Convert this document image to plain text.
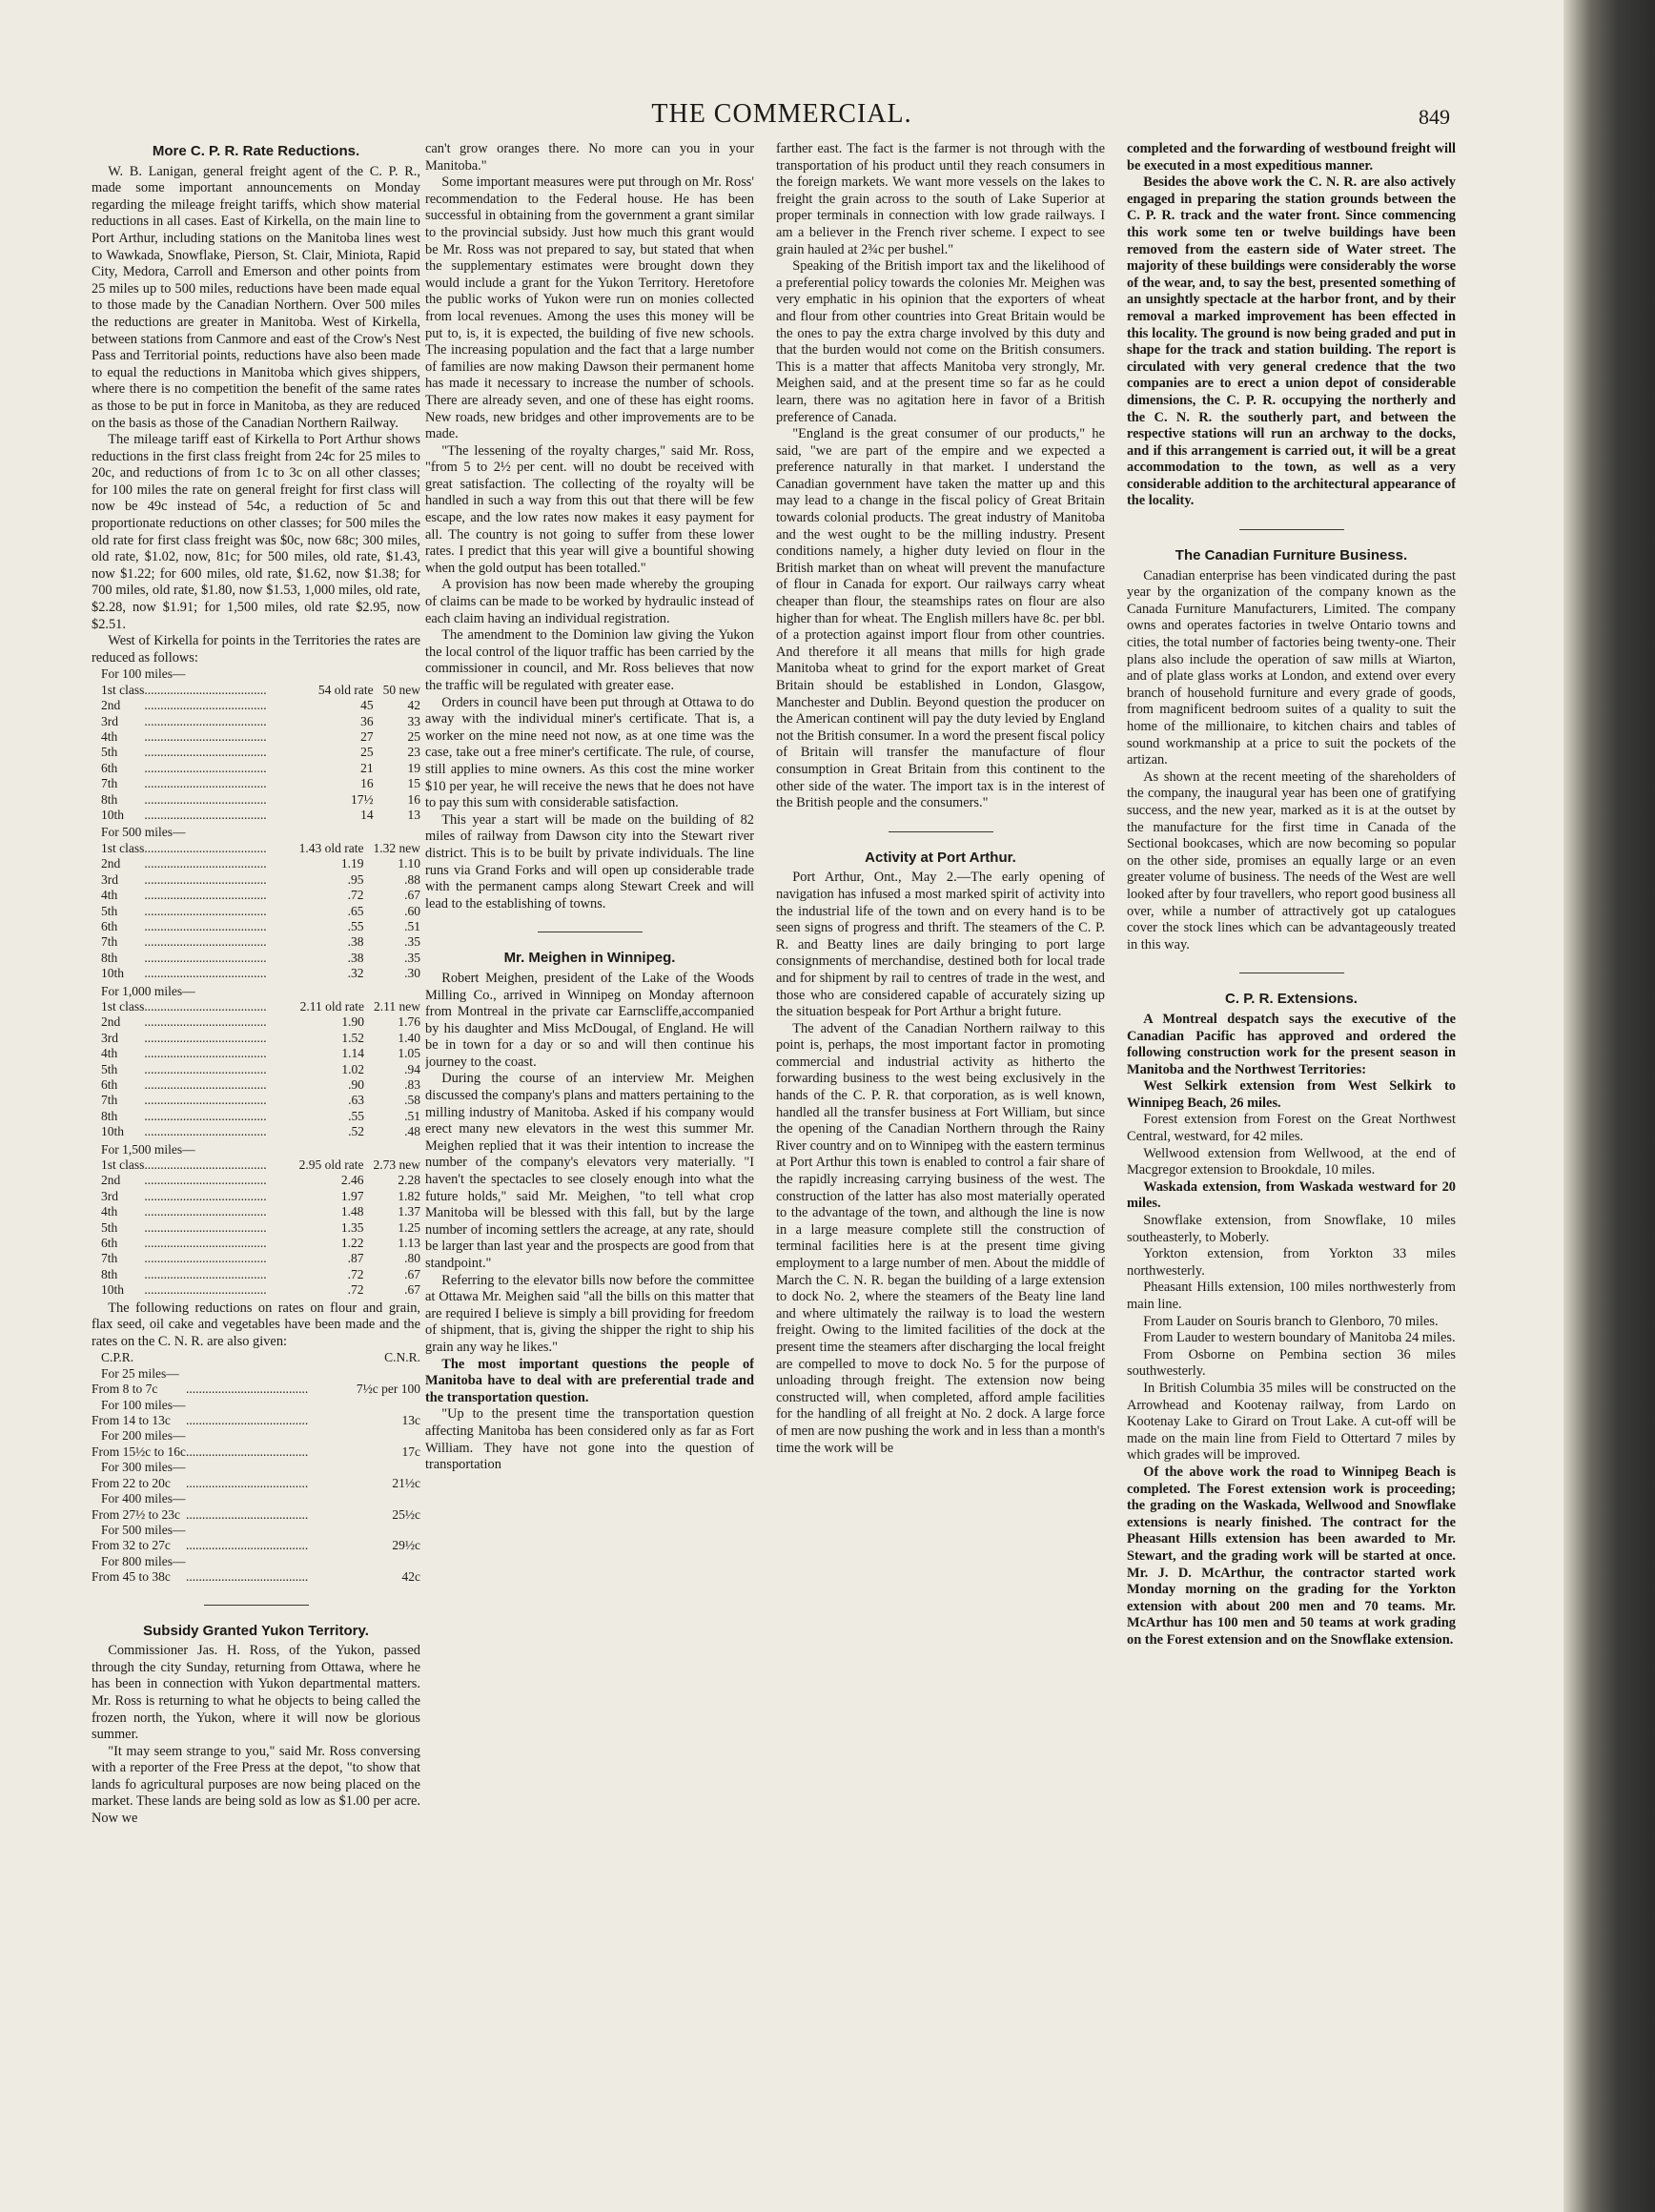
THE COMMERCIAL.	849
More C. P. R. Rate Reductions.

W. B. Lanigan, general freight agent of the C. P. R., made some important announcements on Monday regarding the mileage freight tariffs, which show material reductions in all cases. East of Kirkella, on the main line to Port Arthur, including stations on the Manitoba lines west to Wawkada, Snowflake, Pierson, St. Clair, Miniota, Rapid City, Medora, Carroll and Emerson and other points from 25 miles up to 500 miles, reductions have been made equal to those made by the Canadian Northern. Over 500 miles the reductions are greater in Manitoba. West of Kirkella, between stations from Canmore and east of the Crow's Nest Pass and Territorial points, reductions have also been made to equal the reductions in Manitoba which gives shippers, where there is no competition the benefit of the same rates as those to be put in force in Manitoba, as they are reduced on the basis as those of the Canadian Northern Railway.

The mileage tariff east of Kirkella to Port Arthur shows reductions in the first class freight from 24c for 25 miles to 20c, and reductions of from 1c to 3c on all other classes; for 100 miles the rate on general freight for first class will now be 49c instead of 54c, a reduction of 5c and proportionate reductions on other classes; for 500 miles the old rate for first class freight was $0c, now 68c; 300 miles, old rate, $1.02, now, 81c; for 500 miles, old rate, $1.43, now $1.22; for 600 miles, old rate, $1.62, now $1.38; for 700 miles, old rate, $1.80, now $1.53, 1,000 miles, old rate, $2.28, now $1.91; for 1,500 miles, old rate $2.95, now $2.51.

West of Kirkella for points in the Territories the rates are reduced as follows:

For 100 miles—
1st class	.....	54 old rate	50 new
2nd	.....	45	42
3rd	.....	36	33
4th	.....	27	25
5th	.....	25	23
6th	.....	21	19
7th	.....	16	15
8th	.....	17½	16
10th	.....	14	13
For 500 miles—
1st class	.....	1.43 old rate	1.32 new
2nd	.....	1.19	1.10
3rd	.....	.95	.88
4th	.....	.72	.67
5th	.....	.65	.60
6th	.....	.55	.51
7th	.....	.38	.35
8th	.....	.38	.35
10th	.....	.32	.30
For 1,000 miles—
1st class	.....	2.11 old rate	2.11 new
2nd	.....	1.90	1.76
3rd	.....	1.52	1.40
4th	.....	1.14	1.05
5th	.....	1.02	.94
6th	.....	.90	.83
7th	.....	.63	.58
8th	.....	.55	.51
10th	.....	.52	.48
For 1,500 miles—
1st class	.....	2.95 old rate	2.73 new
2nd	.....	2.46	2.28
3rd	.....	1.97	1.82
4th	.....	1.48	1.37
5th	.....	1.35	1.25
6th	.....	1.22	1.13
7th	.....	.87	.80
8th	.....	.72	.67
10th	.....	.72	.67

The following reductions on rates on flour and grain, flax seed, oil cake and vegetables have been made and the rates on the C. N. R. are also given:

C.P.R.		C.N.R.
For 25 miles—		
From 8 to 7c	.....	7½c per 100
For 100 miles—		
From 14 to 13c	.....	13c
For 200 miles—		
From 15½c to 16c	.....	17c
For 300 miles—		
From 22 to 20c	.....	21½c
For 400 miles—		
From 27½ to 23c	.....	25½c
For 500 miles—		
From 32 to 27c	.....	29½c
For 800 miles—		
From 45 to 38c	.....	42c
Subsidy Granted Yukon Territory.

Commissioner Jas. H. Ross, of the Yukon, passed through the city Sunday, returning from Ottawa, where he has been in connection with Yukon departmental matters. Mr. Ross is returning to what he objects to being called the frozen north, the Yukon, where it will now be glorious summer.

"It may seem strange to you," said Mr. Ross conversing with a reporter of the Free Press at the depot, "to show that lands fo agricultural purposes are now being placed on the market. These lands are being sold as low as $1.00 per acre. Now we

can't grow oranges there. No more can you in your Manitoba."

Some important measures were put through on Mr. Ross' recommendation to the Federal house. He has been successful in obtaining from the government a grant similar to the provincial subsidy. Just how much this grant would be Mr. Ross was not prepared to say, but stated that when the supplementary estimates were brought down they would include a grant for the Yukon Territory. Heretofore the public works of Yukon were run on monies collected from local revenues. Among the uses this money will be put to, is, it is expected, the building of five new schools. The increasing population and the fact that a large number of families are now making Dawson their permanent home has made it necessary to increase the number of schools. There are already seven, and one of these has eight rooms. New roads, new bridges and other improvements are to be made.

"The lessening of the royalty charges," said Mr. Ross, "from 5 to 2½ per cent. will no doubt be received with great satisfaction. The collecting of the royalty will be handled in such a way from this out that there will be few escape, and the low rates now makes it easy payment for all. The country is not going to suffer from these lower rates. I predict that this year will give a bountiful showing when the gold output has been totalled."

A provision has now been made whereby the grouping of claims can be made to be worked by hydraulic instead of each claim having an individual registration.

The amendment to the Dominion law giving the Yukon the local control of the liquor traffic has been carried by the commissioner in council, and Mr. Ross believes that now the traffic will be regulated with greater ease.

Orders in council have been put through at Ottawa to do away with the individual miner's certificate. That is, a worker on the mine need not now, as at one time was the case, take out a free miner's certificate. The rule, of course, still applies to mine owners. As this cost the mine worker $10 per year, he will receive the news that he does not have to pay this sum with considerable satisfaction.

This year a start will be made on the building of 82 miles of railway from Dawson city into the Stewart river district. This is to be built by private individuals. The line runs via Grand Forks and will open up considerable trade with the permanent camps along Stewart Creek and will lead to the establishing of towns.

Mr. Meighen in Winnipeg.

Robert Meighen, president of the Lake of the Woods Milling Co., arrived in Winnipeg on Monday afternoon from Montreal in the private car Earnscliffe,accompanied by his daughter and Miss McDougal, of England. He will be in town for a day or so and will then continue his journey to the coast.

During the course of an interview Mr. Meighen discussed the company's plans and matters pertaining to the milling industry of Manitoba. Asked if his company would erect many new elevators in the west this summer Mr. Meighen replied that it was their intention to increase the number of the company's elevators very materially. "I haven't the spectacles to see closely enough into what the future holds," said Mr. Meighen, "to tell what crop Manitoba will be blessed with this fall, but by the large number of incoming settlers the acreage, at any rate, should be larger than last year and the prospects are good from that standpoint."

Referring to the elevator bills now before the committee at Ottawa Mr. Meighen said "all the bills on this matter that are required I believe is simply a bill providing for freedom of shipment, that is, giving the shipper the right to ship his grain any way he likes."

The most important questions the people of Manitoba have to deal with are preferential trade and the transportation question.

"Up to the present time the transportation question affecting Manitoba has been considered only as far as Fort William. They have not gone into the question of transportation

farther east. The fact is the farmer is not through with the transportation of his product until they reach consumers in the foreign markets. We want more vessels on the lakes to freight the grain across to the south of Lake Superior at proper terminals in connection with low grade railways. I am a believer in the French river scheme. I expect to see grain hauled at 2¾c per bushel."

Speaking of the British import tax and the likelihood of a preferential policy towards the colonies Mr. Meighen was very emphatic in his opinion that the exporters of wheat and flour from other countries into Great Britain would be the ones to pay the extra charge involved by this duty and that the burden would not come on the British consumers. This is a matter that affects Manitoba very strongly, Mr. Meighen said, and at the present time so far as he could learn, there was no agitation here in favor of a British preference of Canada.

"England is the great consumer of our products," he said, "we are part of the empire and we expected a preference naturally in that market. I understand the Canadian government have taken the matter up and this may lead to a change in the fiscal policy of Great Britain towards colonial products. The great industry of Manitoba and the west ought to be the milling industry. Present conditions namely, a higher duty levied on flour in the British market than on wheat will prevent the manufacture of flour in Canada for export. Our railways carry wheat cheaper than flour, the steamships rates on flour are also higher than for wheat. The English millers have 8c. per bbl. of a protection against import flour from other countries. And therefore it all means that mills for high grade Manitoba wheat to grind for the export market of Great Britain should be established in London, Glasgow, Manchester and Dublin. Beyond question the producer on the American continent will pay the duty levied by England not the British consumer. In a word the present fiscal policy of Britain will transfer the manufacture of flour consumption in Great Britain from this continent to the other side of the water. The import tax is in the interest of the British people and the consumers."

Activity at Port Arthur.

Port Arthur, Ont., May 2.—The early opening of navigation has infused a most marked spirit of activity into the industrial life of the town and on every hand is to be seen signs of progress and thrift. The steamers of the C. P. R. and Beatty lines are daily bringing to port large consignments of merchandise, destined both for local trade and for shipment by rail to centres of trade in the west, and those who are considered capable of accurately sizing up the situation bespeak for Port Arthur a bright future.

The advent of the Canadian Northern railway to this point is, perhaps, the most important factor in promoting commercial and industrial activity as hitherto the forwarding business to the west being exclusively in the hands of the C. P. R. that corporation, as is well known, handled all the transfer business at Fort William, but since the opening of the Canadian Northern through the Rainy River country and on to Winnipeg with the eastern terminus at Port Arthur this town is enabled to control a fair share of the rapidly increasing carrying business of the west. The construction of the latter has also most materially operated to the advantage of the town, and although the line is now in a large measure complete still the construction of terminal facilities here is at the present time giving employment to a large number of men. About the middle of March the C. N. R. began the building of a large extension to dock No. 2, where the steamers of the Beaty line land and where ultimately the railway is to load the western freight. Owing to the limited facilities of the dock at the present time the steamers after discharging the local freight are compelled to move to dock No. 5 for the purpose of unloading through freight. The extension now being constructed will, when completed, afford ample facilities for the handling of all freight at No. 2 dock. A large force of men are now pushing the work and in less than a month's time the work will be

completed and the forwarding of westbound freight will be executed in a most expeditious manner.

Besides the above work the C. N. R. are also actively engaged in preparing the station grounds between the C. P. R. track and the water front. Since commencing this work some ten or twelve buildings have been removed from the eastern side of Water street. The majority of these buildings were considerably the worse of the wear, and, to say the best, presented something of an unsightly spectacle at the harbor front, and by their removal a marked improvement has been effected in this locality. The ground is now being graded and put in shape for the track and station building. The report is circulated with very general credence that the two companies are to erect a union depot of considerable dimensions, the C. P. R. occupying the northerly and the C. N. R. the southerly part, and between the respective stations will run an archway to the docks, and if this arrangement is carried out, it will be a great accommodation to the town, as well as a very considerable addition to the architectural appearance of the locality.

The Canadian Furniture Business.

Canadian enterprise has been vindicated during the past year by the organization of the company known as the Canada Furniture Manufacturers, Limited. The company owns and operates factories in twelve Ontario towns and cities, the total number of factories being twenty-one. Their plans also include the operation of saw mills at Wiarton, and of plate glass works at London, and extend over every branch of household furniture and every grade of goods, from magnificent bedroom suites of a quality to suit the home of the millionaire, to kitchen chairs and tables of sound workmanship at a price to suit the pockets of the artizan.

As shown at the recent meeting of the shareholders of the company, the inaugural year has been one of gratifying success, and the new year, marked as it is at the outset by the manufacture for the first time in Canada of the Sectional bookcases, which are now becoming so popular on the other side, promises an equally large or an even greater volume of business. The needs of the West are well looked after by four travellers, who report good business all over, while a number of attractively got up catalogues cover the stock lines which can be advantageously treated in this way.

C. P. R. Extensions.

A Montreal despatch says the executive of the Canadian Pacific has approved and ordered the following construction work for the present season in Manitoba and the Northwest Territories:

West Selkirk extension from West Selkirk to Winnipeg Beach, 26 miles.

Forest extension from Forest on the Great Northwest Central, westward, for 42 miles.

Wellwood extension from Wellwood, at the end of Macgregor extension to Brookdale, 10 miles.

Waskada extension, from Waskada westward for 20 miles.

Snowflake extension, from Snowflake, 10 miles southeasterly, to Moberly.

Yorkton extension, from Yorkton 33 miles northwesterly.

Pheasant Hills extension, 100 miles northwesterly from main line.

From Lauder on Souris branch to Glenboro, 70 miles.

From Lauder to western boundary of Manitoba 24 miles.

From Osborne on Pembina section 36 miles southwesterly.

In British Columbia 35 miles will be constructed on the Arrowhead and Kootenay railway, from Lardo on Kootenay Lake to Girard on Trout Lake. A cut-off will be made on the main line from Field to Ottertard 7 miles by which grades will be improved.

Of the above work the road to Winnipeg Beach is completed. The Forest extension work is proceeding; the grading on the Waskada, Wellwood and Snowflake extensions is nearly finished. The contract for the Pheasant Hills extension has been awarded to Mr. Stewart, and the grading work will be started at once. Mr. J. D. McArthur, the contractor started work Monday morning on the grading for the Yorkton extension with about 200 men and 70 teams. Mr. McArthur has 100 men and 50 teams at work grading on the Forest extension and on the Snowflake extension.
